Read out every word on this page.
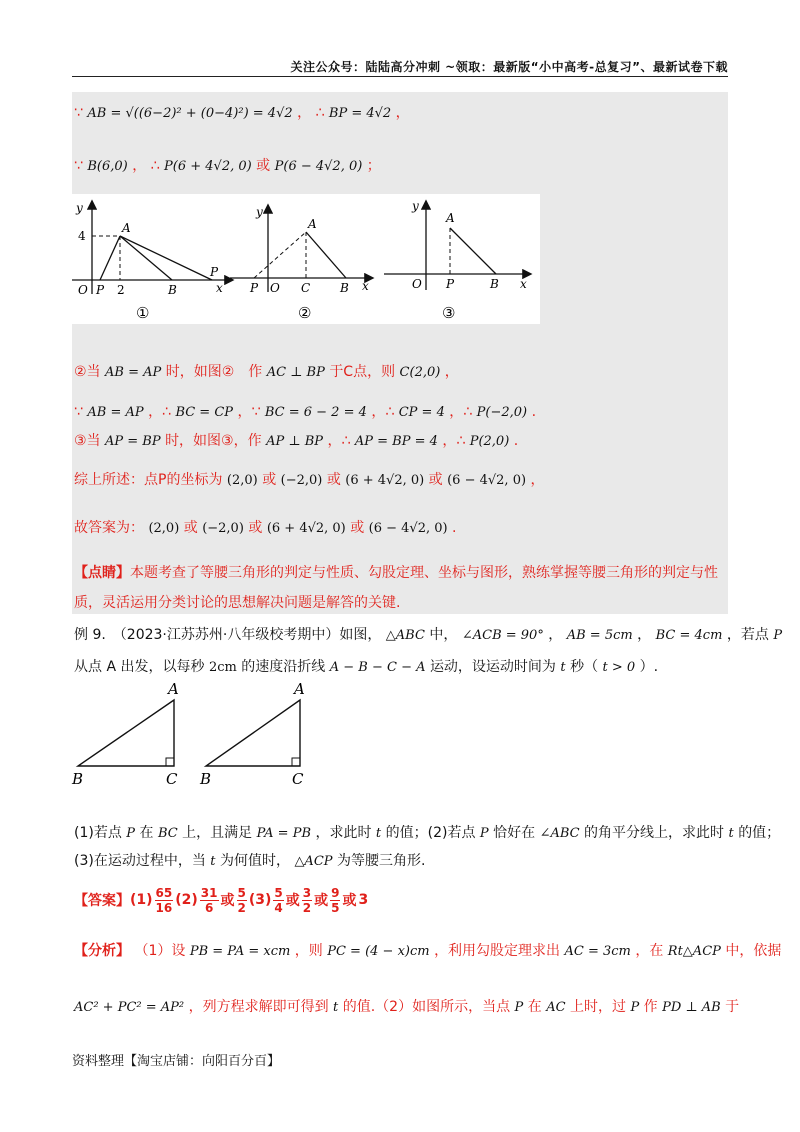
关注公众号：陆陆高分冲刺 ~领取：最新版“小中高考-总复习”、最新试卷下载
∵ AB = √((6−2)² + (0−4)²) = 4√2 ， ∴ BP = 4√2 ，
∵ B(6,0) ， ∴ P(6 + 4√2, 0) 或 P(6 − 4√2, 0) ；
y
x
O
4
A
P 2	B
P
①
y
x
P O
A
C B
②
y
x
O
A
P	B
③
②当 AB = AP 时，如图②　作 AC ⊥ BP 于C点，则 C(2,0) ，
∵ AB = AP ，∴ BC = CP ，∵ BC = 6 − 2 = 4 ，∴ CP = 4 ，∴ P(−2,0) .
③当 AP = BP 时，如图③，作 AP ⊥ BP ，∴ AP = BP = 4 ，∴ P(2,0) .
综上所述：点P的坐标为 (2,0) 或 (−2,0) 或 (6 + 4√2, 0) 或 (6 − 4√2, 0) ，
故答案为： (2,0) 或 (−2,0) 或 (6 + 4√2, 0) 或 (6 − 4√2, 0) .
【点睛】本题考查了等腰三角形的判定与性质、勾股定理、坐标与图形，熟练掌握等腰三角形的判定与性质，灵活运用分类讨论的思想解决问题是解答的关键.
例 9.　（2023·江苏苏州·八年级校考期中）如图， △ABC 中， ∠ACB = 90° ， AB = 5cm ， BC = 4cm ，若点 P
从点 A 出发，以每秒 2cm 的速度沿折线 A − B − C − A 运动，设运动时间为 t 秒（ t > 0 ）.
A
B	C
A
B	C
(1)若点 P 在 BC 上，且满足 PA = PB ，求此时 t 的值；(2)若点 P 恰好在 ∠ABC 的角平分线上，求此时 t 的值；
(3)在运动过程中，当 t 为何值时， △ACP 为等腰三角形.
【答案】 (1) 65
16 (2) 31
6 或
5
2 (3) 5
4 或
3
2 或
9
5 或 3
【分析】 （1）设 PB = PA = xcm ，则 PC = (4 − x)cm ，利用勾股定理求出 AC = 3cm ，在 Rt△ACP 中，依据
AC² + PC² = AP² ，列方程求解即可得到 t 的值.（2）如图所示，当点 P 在 AC 上时，过 P 作 PD ⊥ AB 于
资料整理【淘宝店铺：向阳百分百】
